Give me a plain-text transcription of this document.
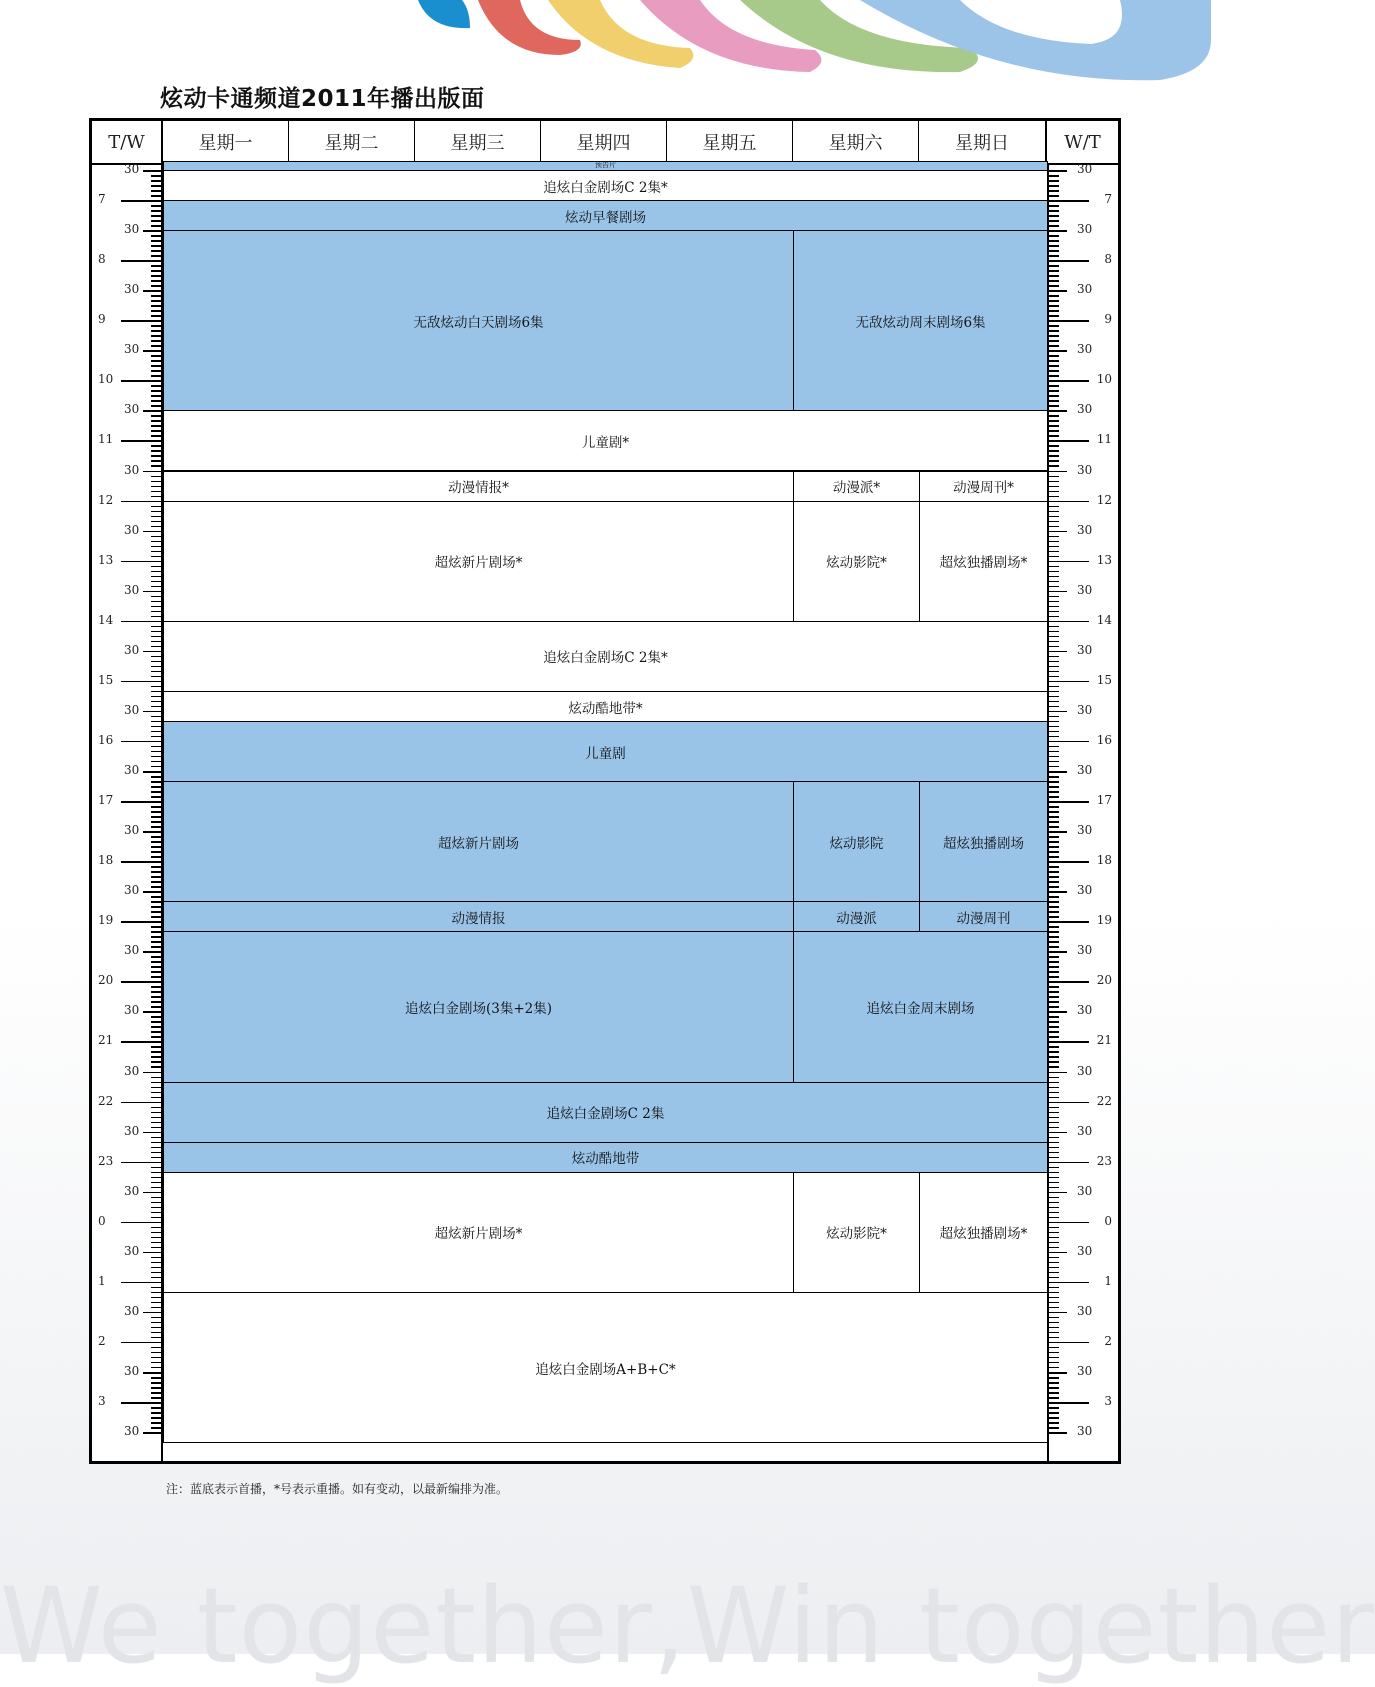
炫动卡通频道2011年播出版面
T/W	星期一	星期二	星期三	星期四	星期五	星期六	星期日	W/T
30
7
30
8
30
9
30
10
30
11
30
12
30
13
30
14
30
15
30
16
30
17
30
18
30
19
30
20
30
21
30
22
30
23
30
0
30
1
30
2
30
3
30
30
7
30
8
30
9
30
10
30
11
30
12
30
13
30
14
30
15
30
16
30
17
30
18
30
19
30
20
30
21
30
22
30
23
30
0
30
1
30
2
30
3
30
预告片
追炫白金剧场C 2集*
炫动早餐剧场
无敌炫动白天剧场6集	无敌炫动周末剧场6集
儿童剧*
动漫情报*	动漫派*	动漫周刊*
超炫新片剧场*	炫动影院*	超炫独播剧场*
追炫白金剧场C 2集*
炫动酷地带*
儿童剧
超炫新片剧场	炫动影院	超炫独播剧场
动漫情报	动漫派	动漫周刊
追炫白金剧场(3集+2集)	追炫白金周末剧场
追炫白金剧场C 2集
炫动酷地带
超炫新片剧场*	炫动影院*	超炫独播剧场*
追炫白金剧场A+B+C*
注：蓝底表示首播，*号表示重播。如有变动，以最新编排为准。
We together,Win together
